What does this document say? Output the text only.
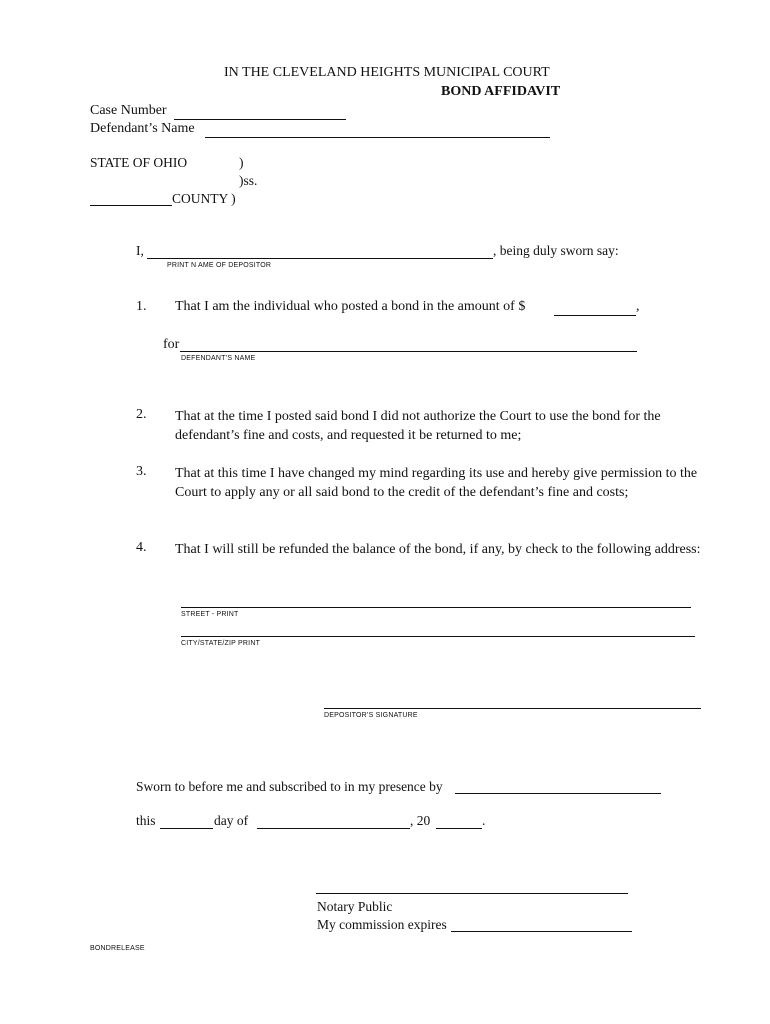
IN THE CLEVELAND HEIGHTS MUNICIPAL COURT
BOND AFFIDAVIT
Case Number
Defendant’s Name
STATE OF OHIO	)
)ss.
COUNTY )
I,	, being duly sworn say:
PRINT N AME OF DEPOSITOR
1.	That I am the individual who posted a bond in the amount of $	,
for
DEFENDANT’S NAME
2.	That at the time I posted said bond I did not authorize the Court to use the bond for the defendant’s fine and costs, and requested it be returned to me;
3.	That at this time I have changed my mind regarding its use and hereby give permission to the Court to apply any or all said bond to the credit of the defendant’s fine and costs;
4.	That I will still be refunded the balance of the bond, if any, by check to the following address:
STREET - PRINT
CITY/STATE/ZIP PRINT
DEPOSITOR’S SIGNATURE
Sworn to before me and subscribed to in my presence by
this	day of	, 20	.
Notary Public
My commission expires
BONDRELEASE
